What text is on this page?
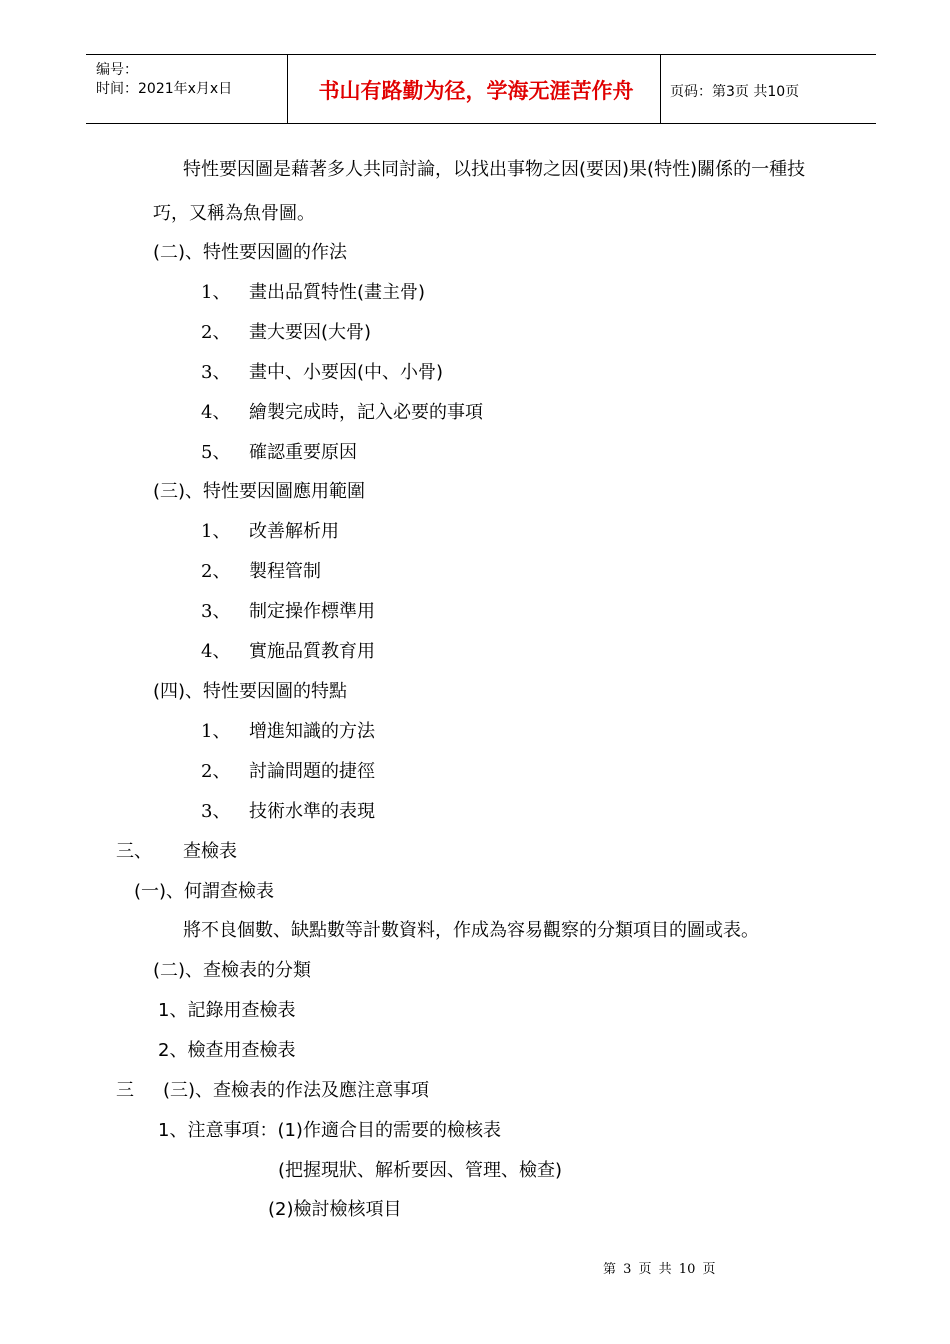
编号：
时间：2021年x月x日	书山有路勤为径，学海无涯苦作舟	页码：第3页 共10页
特性要因圖是藉著多人共同討論，以找出事物之因(要因)果(特性)關係的一種技
巧，又稱為魚骨圖。
(二)、特性要因圖的作法
1、 畫出品質特性(畫主骨)
2、 畫大要因(大骨)
3、 畫中、小要因(中、小骨)
4、 繪製完成時，記入必要的事項
5、 確認重要原因
(三)、特性要因圖應用範圍
1、 改善解析用
2、 製程管制
3、 制定操作標準用
4、 實施品質教育用
(四)、特性要因圖的特點
1、 增進知識的方法
2、 討論問題的捷徑
3、 技術水準的表現
三、 查檢表
(一)、何謂查檢表
將不良個數、缺點數等計數資料，作成為容易觀察的分類項目的圖或表。
(二)、查檢表的分類
1、記錄用查檢表
2、檢查用查檢表
三 (三)、查檢表的作法及應注意事項
1、注意事項：(1)作適合目的需要的檢核表
(把握現狀、解析要因、管理、檢查)
(2)檢討檢核項目
第 3 页 共 10 页
